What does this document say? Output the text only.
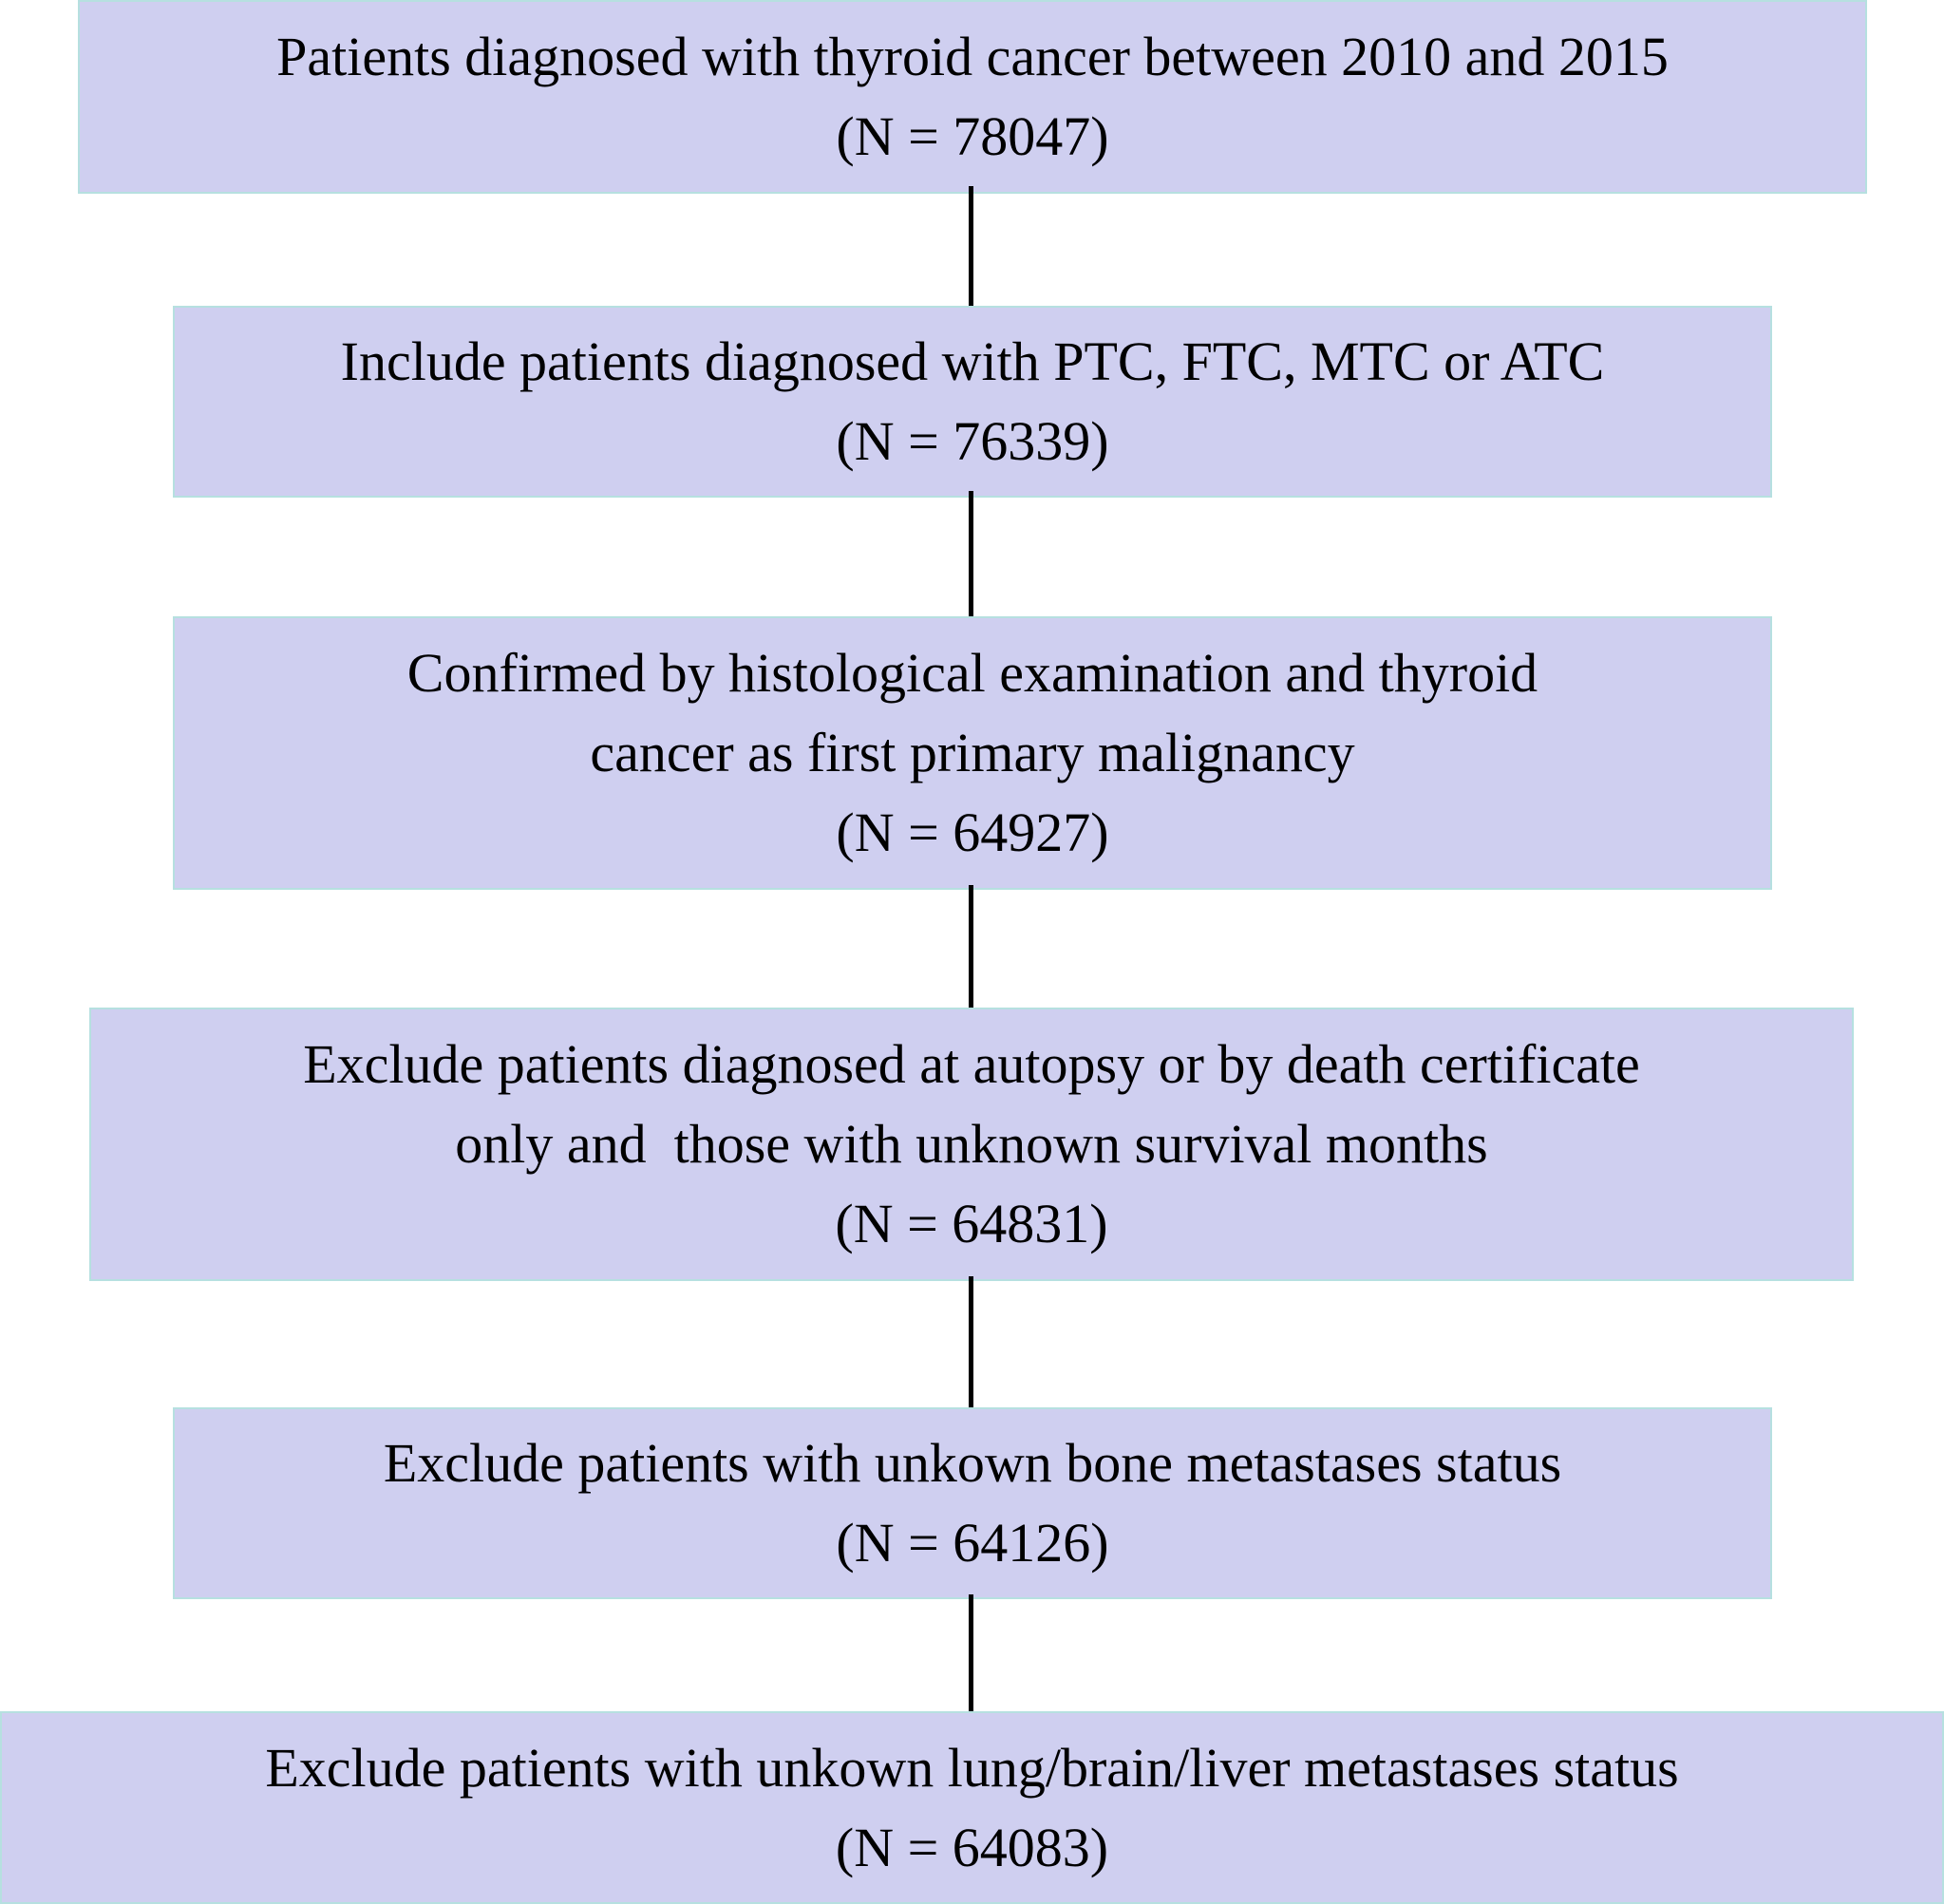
Patients diagnosed with thyroid cancer between 2010 and 2015
(N = 78047)
Include patients diagnosed with PTC, FTC, MTC or ATC
(N = 76339)
Confirmed by histological examination and thyroid
cancer as first primary malignancy
(N = 64927)
Exclude patients diagnosed at autopsy or by death certificate
only and  those with unknown survival months
(N = 64831)
Exclude patients with unkown bone metastases status
(N = 64126)
Exclude patients with unkown lung/brain/liver metastases status
(N = 64083)
